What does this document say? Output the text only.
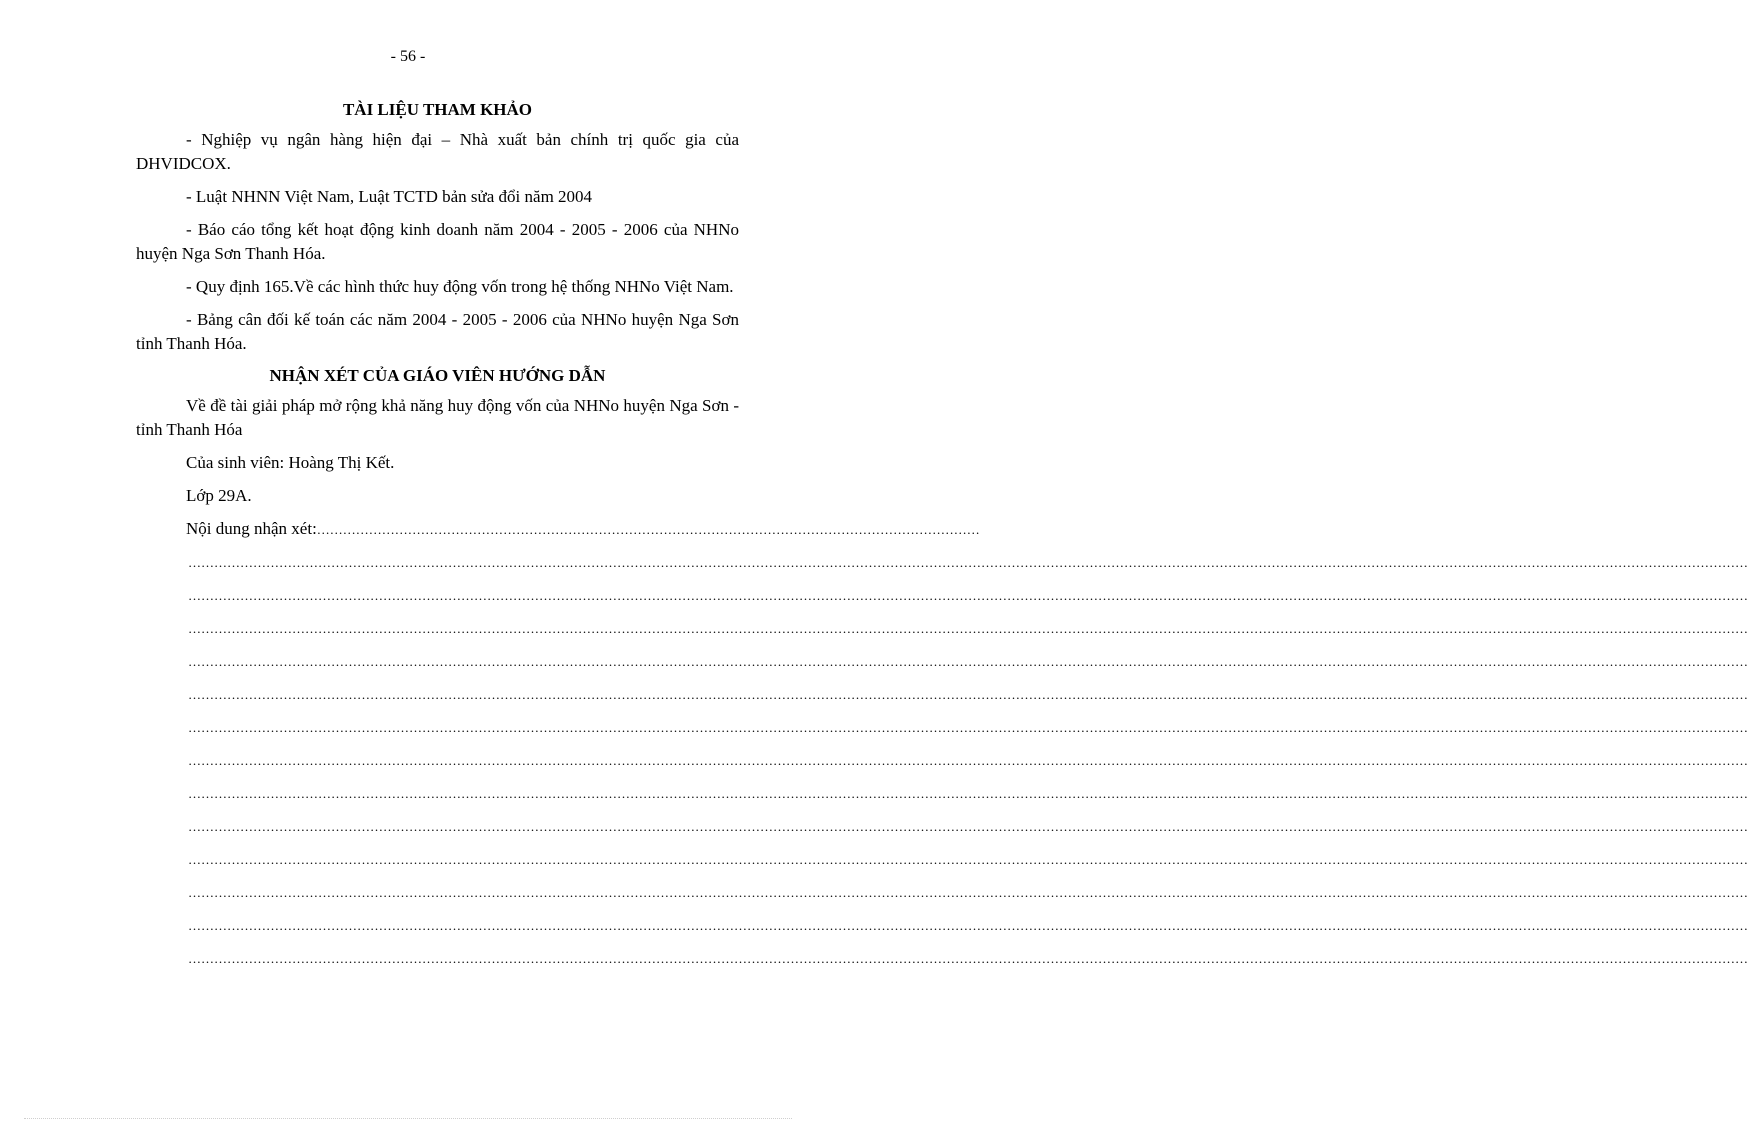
- 56 -
TÀI LIỆU THAM KHẢO

- Nghiệp vụ ngân hàng hiện đại – Nhà xuất bản chính trị quốc gia của DHVIDCOX.

- Luật NHNN Việt Nam, Luật TCTD bản sửa đổi năm 2004

- Báo cáo tổng kết hoạt động kinh doanh năm 2004 - 2005 - 2006 của NHNo huyện Nga Sơn Thanh Hóa.

- Quy định 165.Về các hình thức huy động vốn trong hệ thống NHNo Việt Nam.

- Bảng cân đối kế toán các năm 2004 - 2005 - 2006 của NHNo huyện Nga Sơn tỉnh Thanh Hóa.

NHẬN XÉT CỦA GIÁO VIÊN HƯỚNG DẪN

Về đề tài giải pháp mở rộng khả năng huy động vốn của NHNo huyện Nga Sơn - tỉnh Thanh Hóa

Của sinh viên: Hoàng Thị Kết.

Lớp 29A.

Nội dung nhận xét: ………………………………………………………………………………………………………………………………………
………………………………………………………………………………………………………………………………………………………………………………………………………………………………………………………………………………………………………………………………
………………………………………………………………………………………………………………………………………………………………………………………………………………………………………………………………………………………………………………………………
………………………………………………………………………………………………………………………………………………………………………………………………………………………………………………………………………………………………………………………………
………………………………………………………………………………………………………………………………………………………………………………………………………………………………………………………………………………………………………………………………
………………………………………………………………………………………………………………………………………………………………………………………………………………………………………………………………………………………………………………………………
………………………………………………………………………………………………………………………………………………………………………………………………………………………………………………………………………………………………………………………………
………………………………………………………………………………………………………………………………………………………………………………………………………………………………………………………………………………………………………………………………
………………………………………………………………………………………………………………………………………………………………………………………………………………………………………………………………………………………………………………………………
………………………………………………………………………………………………………………………………………………………………………………………………………………………………………………………………………………………………………………………………
………………………………………………………………………………………………………………………………………………………………………………………………………………………………………………………………………………………………………………………………
………………………………………………………………………………………………………………………………………………………………………………………………………………………………………………………………………………………………………………………………
………………………………………………………………………………………………………………………………………………………………………………………………………………………………………………………………………………………………………………………………
………………………………………………………………………………………………………………………………………………………………………………………………………………………………………………………………………………………………………………………………
